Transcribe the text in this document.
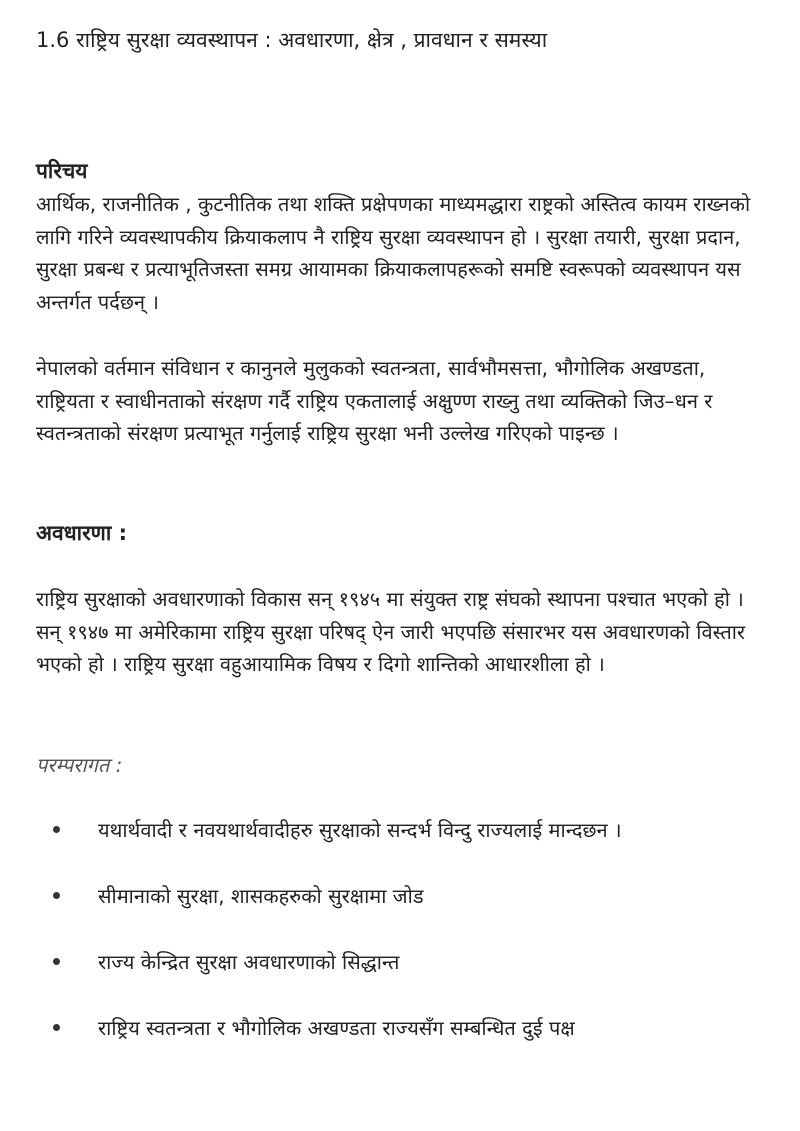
1.6 राष्ट्रिय सुरक्षा व्यवस्थापन : अवधारणा, क्षेत्र , प्रावधान र समस्या
परिचय

आर्थिक, राजनीतिक , कुटनीतिक तथा शक्ति प्रक्षेपणका माध्यमद्धारा राष्ट्रको अस्तित्व कायम राख्नको लागि गरिने व्यवस्थापकीय क्रियाकलाप नै राष्ट्रिय सुरक्षा व्यवस्थापन हो । सुरक्षा तयारी, सुरक्षा प्रदान, सुरक्षा प्रबन्ध र प्रत्याभूतिजस्ता समग्र आयामका क्रियाकलापहरूको समष्टि स्वरूपको व्यवस्थापन यस अन्तर्गत पर्दछन् ।

नेपालको वर्तमान संविधान र कानुनले मुलुकको स्वतन्त्रता, सार्वभौमसत्ता, भौगोलिक अखण्डता, राष्ट्रियता र स्वाधीनताको संरक्षण गर्दै राष्ट्रिय एकतालाई अक्षुण्ण राख्नु तथा व्यक्तिको जिउ–धन र स्वतन्त्रताको संरक्षण प्रत्याभूत गर्नुलाई राष्ट्रिय सुरक्षा भनी उल्लेख गरिएको पाइन्छ ।

अवधारणा :

राष्ट्रिय सुरक्षाको अवधारणाको विकास सन् १९४५ मा संयुक्त राष्ट्र संघको स्थापना पश्चात भएको हो । सन् १९४७ मा अमेरिकामा राष्ट्रिय सुरक्षा परिषद् ऐन जारी भएपछि संसारभर यस अवधारणको विस्तार भएको हो । राष्ट्रिय सुरक्षा वहुआयामिक विषय र दिगो शान्तिको आधारशीला हो ।

परम्परागत :
यथार्थवादी र नवयथार्थवादीहरु सुरक्षाको सन्दर्भ विन्दु राज्यलाई मान्दछन ।
सीमानाको सुरक्षा, शासकहरुको सुरक्षामा जोड
राज्य केन्द्रित सुरक्षा अवधारणाको सिद्धान्त
राष्ट्रिय स्वतन्त्रता र भौगोलिक अखण्डता राज्यसँग सम्बन्धित दुई पक्ष
